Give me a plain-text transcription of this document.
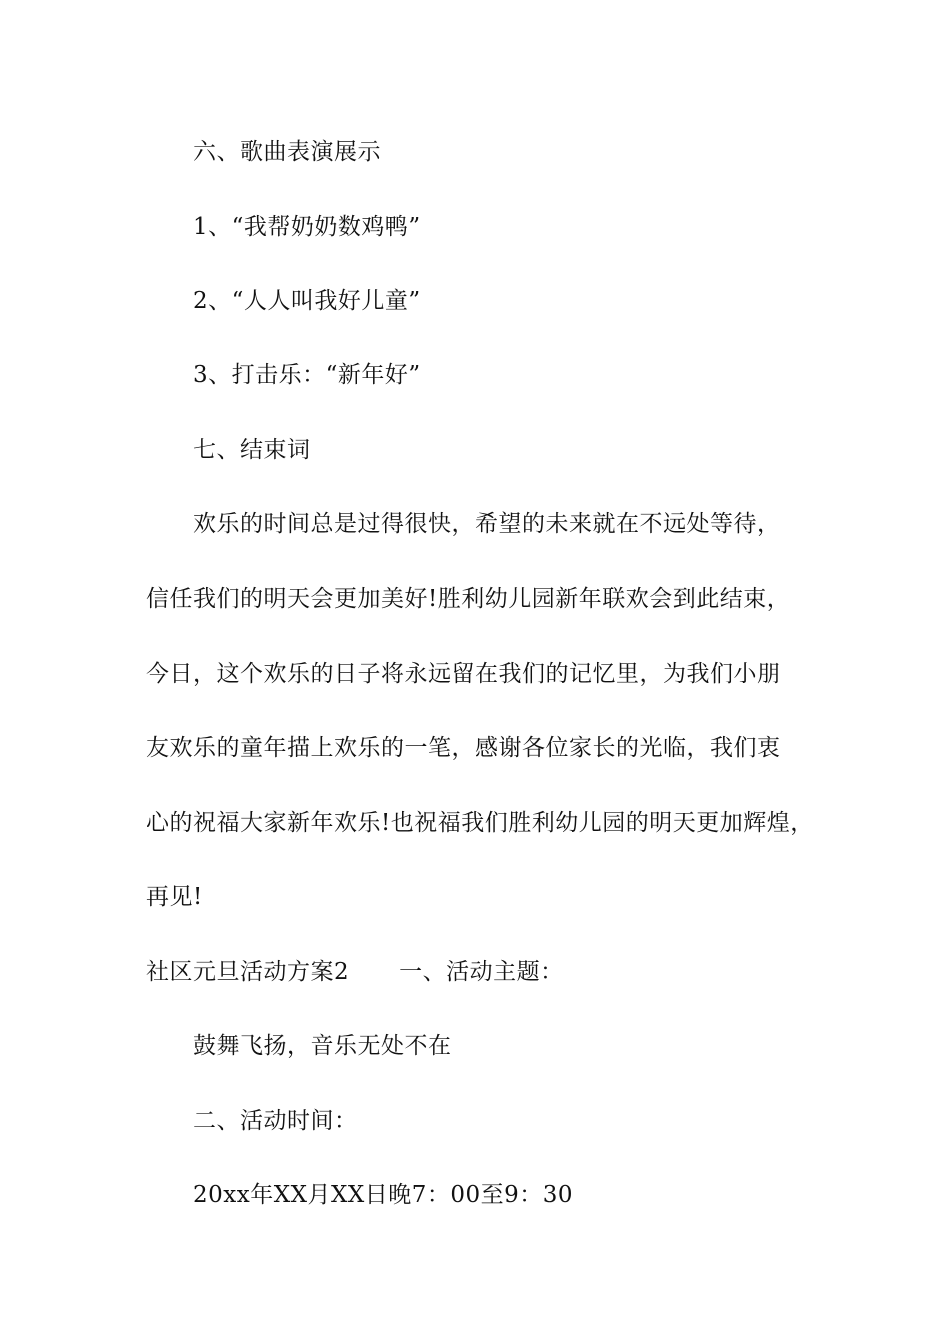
六、歌曲表演展示
1、“我帮奶奶数鸡鸭”
2、“人人叫我好儿童”
3、打击乐：“新年好”
七、结束词
欢乐的时间总是过得很快，希望的未来就在不远处等待，
信任我们的明天会更加美好!胜利幼儿园新年联欢会到此结束，
今日，这个欢乐的日子将永远留在我们的记忆里，为我们小朋
友欢乐的童年描上欢乐的一笔，感谢各位家长的光临，我们衷
心的祝福大家新年欢乐!也祝福我们胜利幼儿园的明天更加辉煌，
再见!
社区元旦活动方案2 一、活动主题：
鼓舞飞扬，音乐无处不在
二、活动时间：
20xx年XX月XX日晚7：00至9：30
